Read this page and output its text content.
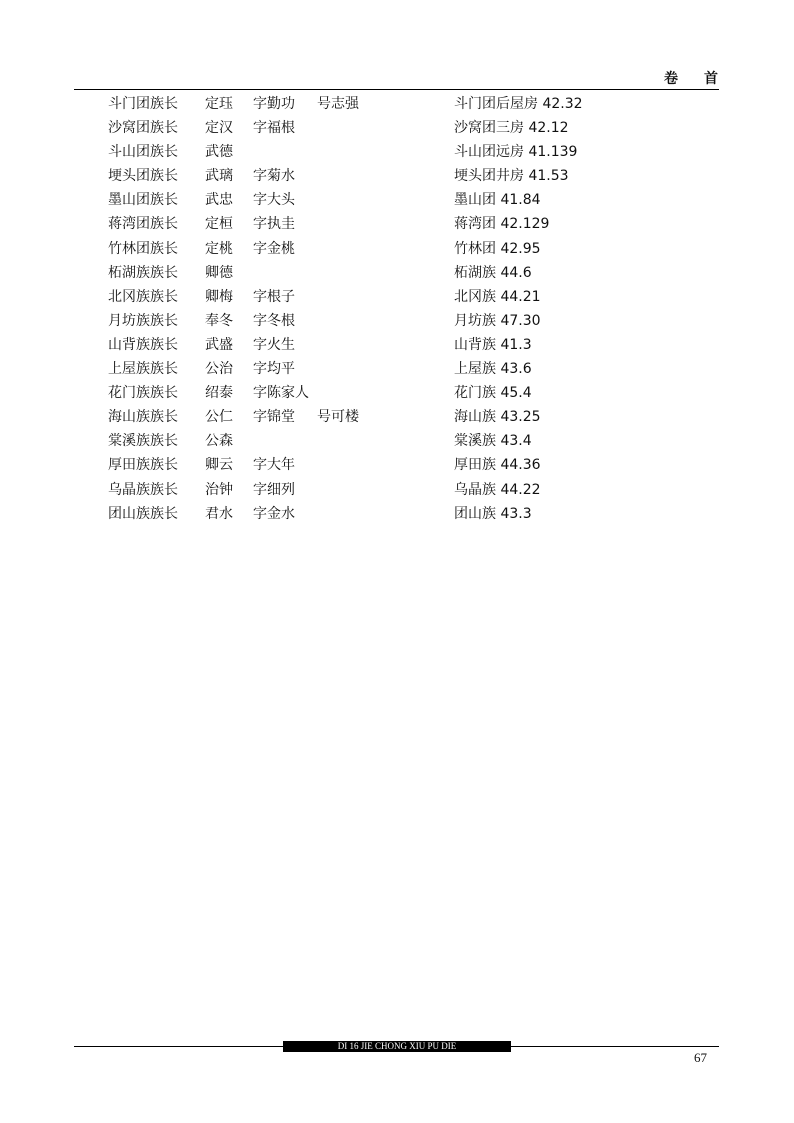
卷首
斗门团族长 定珏 字勤功 号志强	斗门团后屋房 42.32
沙窝团族长 定汉 字福根	沙窝团三房 42.12
斗山团族长 武德	斗山团远房 41.139
埂头团族长 武璃 字菊水	埂头团井房 41.53
墨山团族长 武忠 字大头	墨山团 41.84
蒋湾团族长 定桓 字执圭	蒋湾团 42.129
竹林团族长 定桃 字金桃	竹林团 42.95
柘湖族族长 卿德	柘湖族 44.6
北冈族族长 卿梅 字根子	北冈族 44.21
月坊族族长 奉冬 字冬根	月坊族 47.30
山背族族长 武盛 字火生	山背族 41.3
上屋族族长 公治 字均平	上屋族 43.6
花门族族长 绍泰 字陈家人	花门族 45.4
海山族族长 公仁 字锦堂 号可楼	海山族 43.25
棠溪族族长 公森	棠溪族 43.4
厚田族族长 卿云 字大年	厚田族 44.36
乌晶族族长 治钟 字细列	乌晶族 44.22
团山族族长 君水 字金水	团山族 43.3
DI 16 JIE CHONG XIU PU DIE
67
